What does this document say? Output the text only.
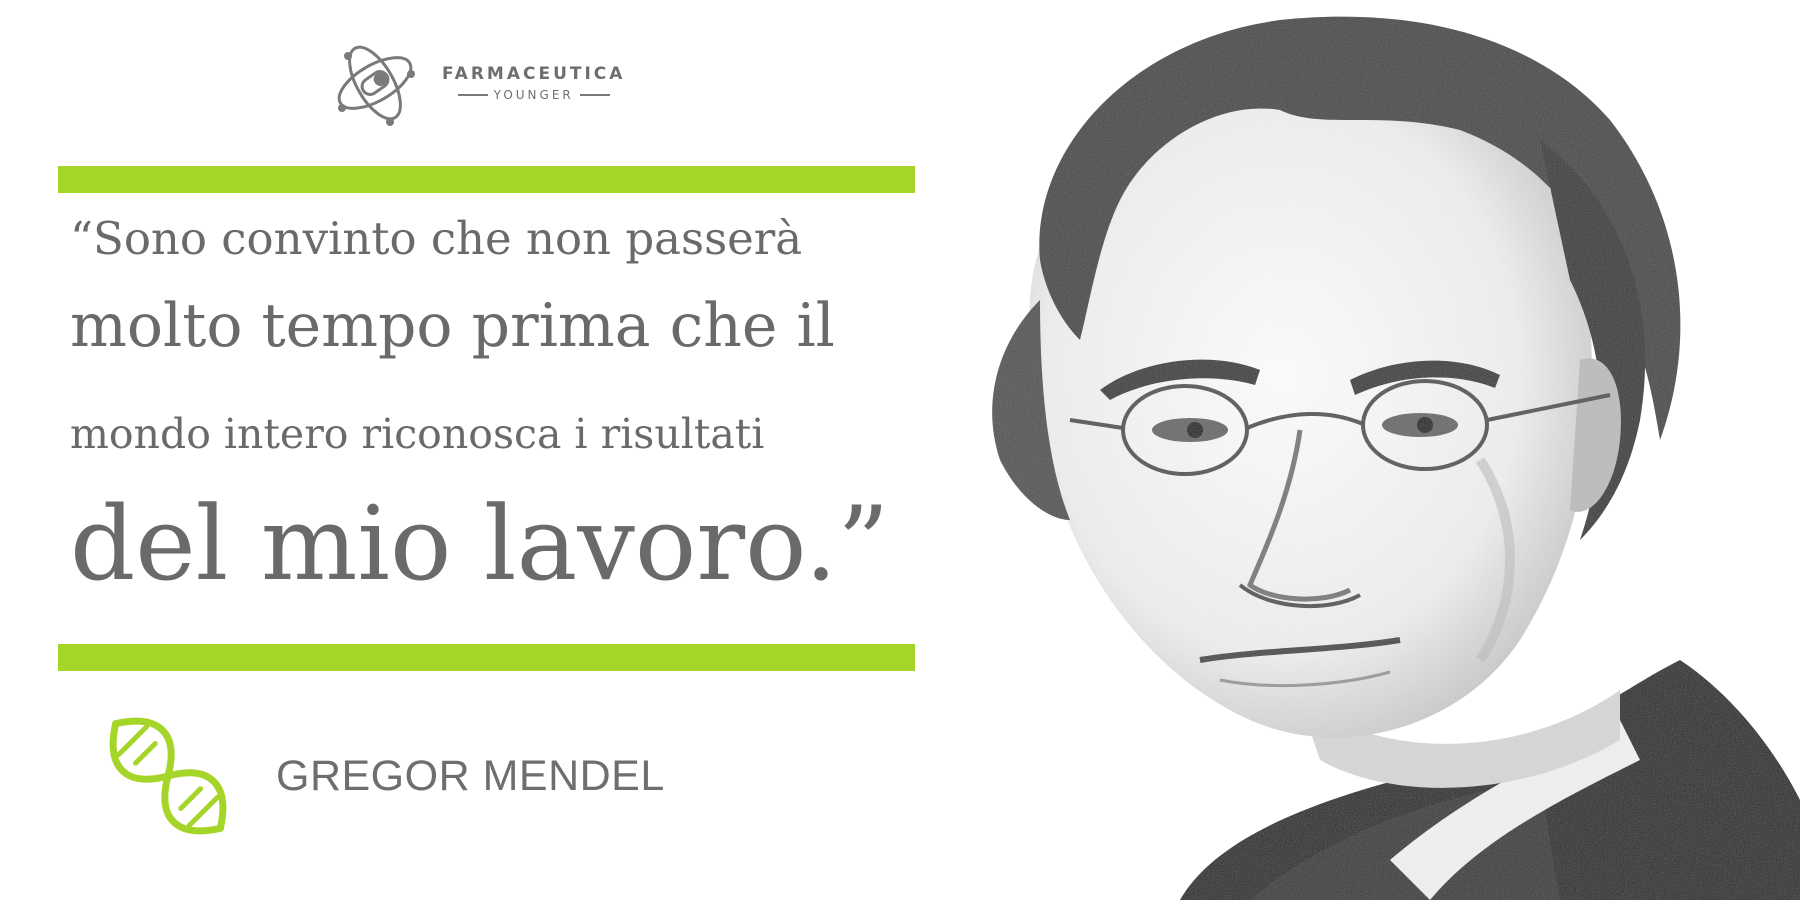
FARMACEUTICA
YOUNGER
“Sono convinto che non passerà
molto tempo prima che il
mondo intero riconosca i risultati
del mio lavoro.”
GREGOR MENDEL
